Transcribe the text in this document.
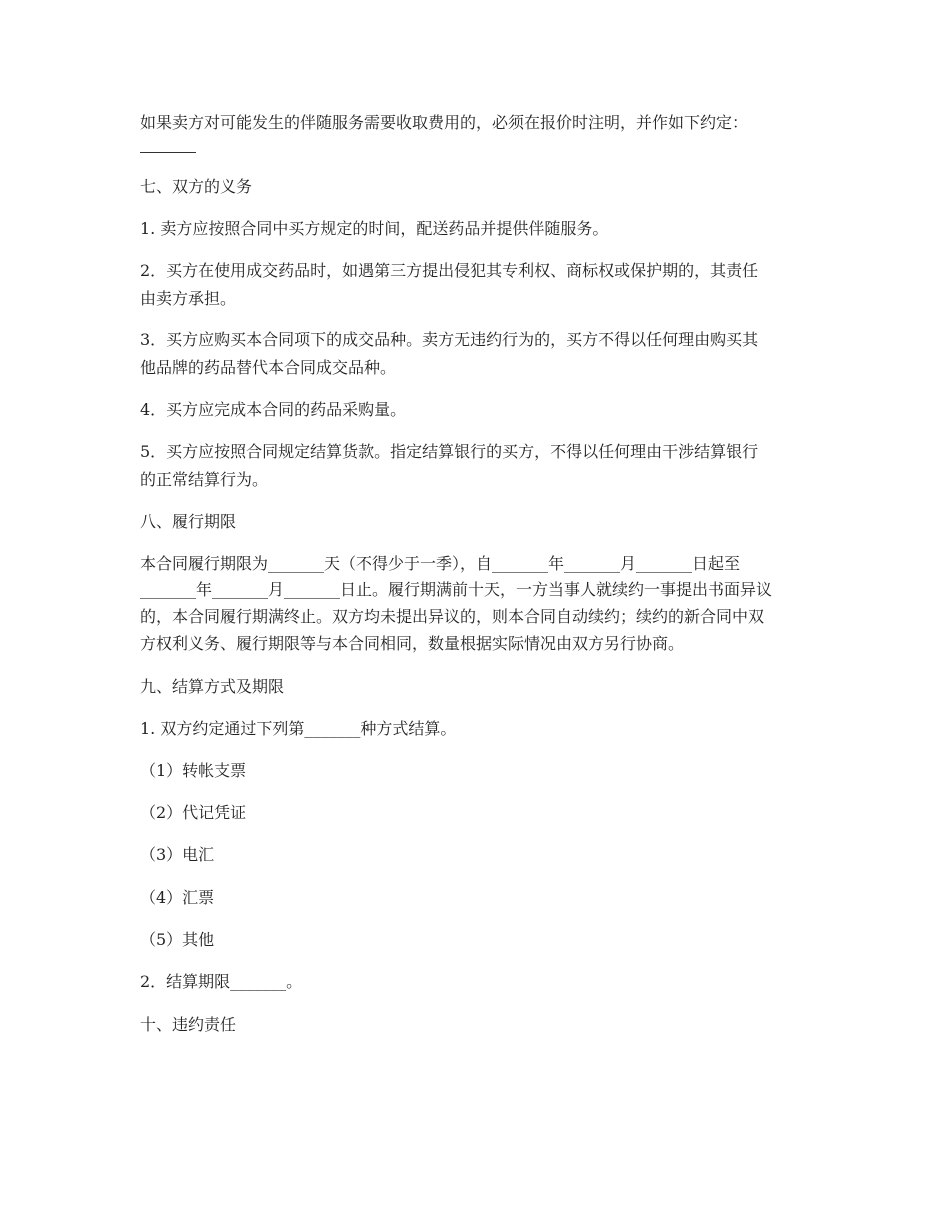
如果卖方对可能发生的伴随服务需要收取费用的，必须在报价时注明，并作如下约定：

七、双方的义务

1. 卖方应按照合同中买方规定的时间，配送药品并提供伴随服务。

2．买方在使用成交药品时，如遇第三方提出侵犯其专利权、商标权或保护期的，其责任

由卖方承担。

3．买方应购买本合同项下的成交品种。卖方无违约行为的，买方不得以任何理由购买其

他品牌的药品替代本合同成交品种。

4．买方应完成本合同的药品采购量。

5．买方应按照合同规定结算货款。指定结算银行的买方，不得以任何理由干涉结算银行

的正常结算行为。

八、履行期限

本合同履行期限为_______天（不得少于一季），自_______年_______月_______日起至

_______年_______月_______日止。履行期满前十天，一方当事人就续约一事提出书面异议

的，本合同履行期满终止。双方均未提出异议的，则本合同自动续约；续约的新合同中双

方权利义务、履行期限等与本合同相同，数量根据实际情况由双方另行协商。

九、结算方式及期限

1. 双方约定通过下列第_______种方式结算。

（1）转帐支票

（2）代记凭证

（3）电汇

（4）汇票

（5）其他

2．结算期限_______。

十、违约责任
